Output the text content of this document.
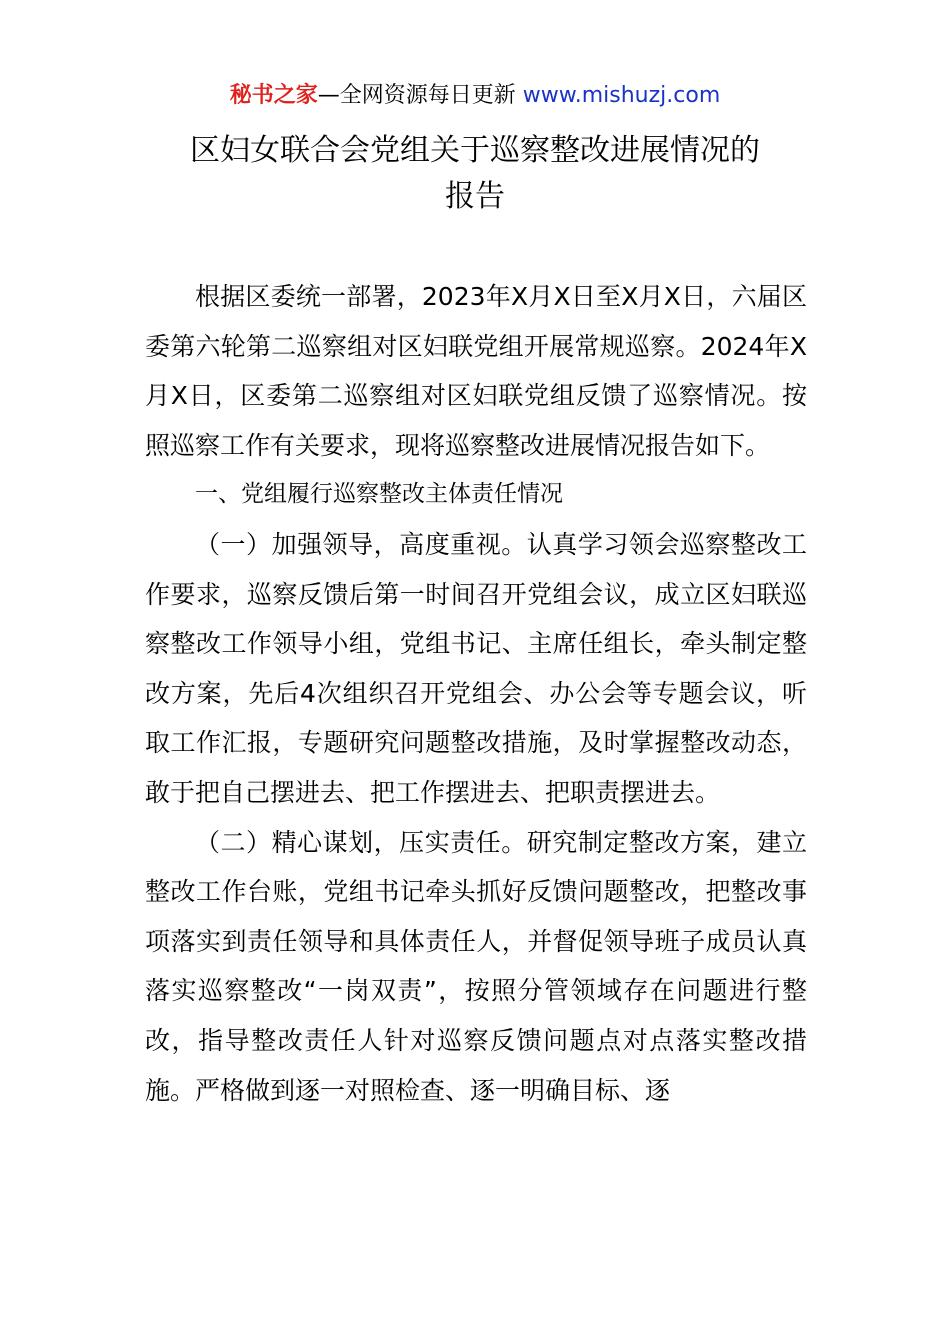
秘书之家—全网资源每日更新 www.mishuzj.com
区妇女联合会党组关于巡察整改进展情况的
报告

根据区委统一部署，2023年X月X日至X月X日，六届区委第六轮第二巡察组对区妇联党组开展常规巡察。2024年X月X日，区委第二巡察组对区妇联党组反馈了巡察情况。按照巡察工作有关要求，现将巡察整改进展情况报告如下。

一、党组履行巡察整改主体责任情况

（一）加强领导，高度重视。认真学习领会巡察整改工作要求，巡察反馈后第一时间召开党组会议，成立区妇联巡察整改工作领导小组，党组书记、主席任组长，牵头制定整改方案，先后4次组织召开党组会、办公会等专题会议，听取工作汇报，专题研究问题整改措施，及时掌握整改动态，敢于把自己摆进去、把工作摆进去、把职责摆进去。

（二）精心谋划，压实责任。研究制定整改方案，建立整改工作台账，党组书记牵头抓好反馈问题整改，把整改事项落实到责任领导和具体责任人，并督促领导班子成员认真落实巡察整改“一岗双责”，按照分管领域存在问题进行整改，指导整改责任人针对巡察反馈问题点对点落实整改措施。严格做到逐一对照检查、逐一明确目标、逐
